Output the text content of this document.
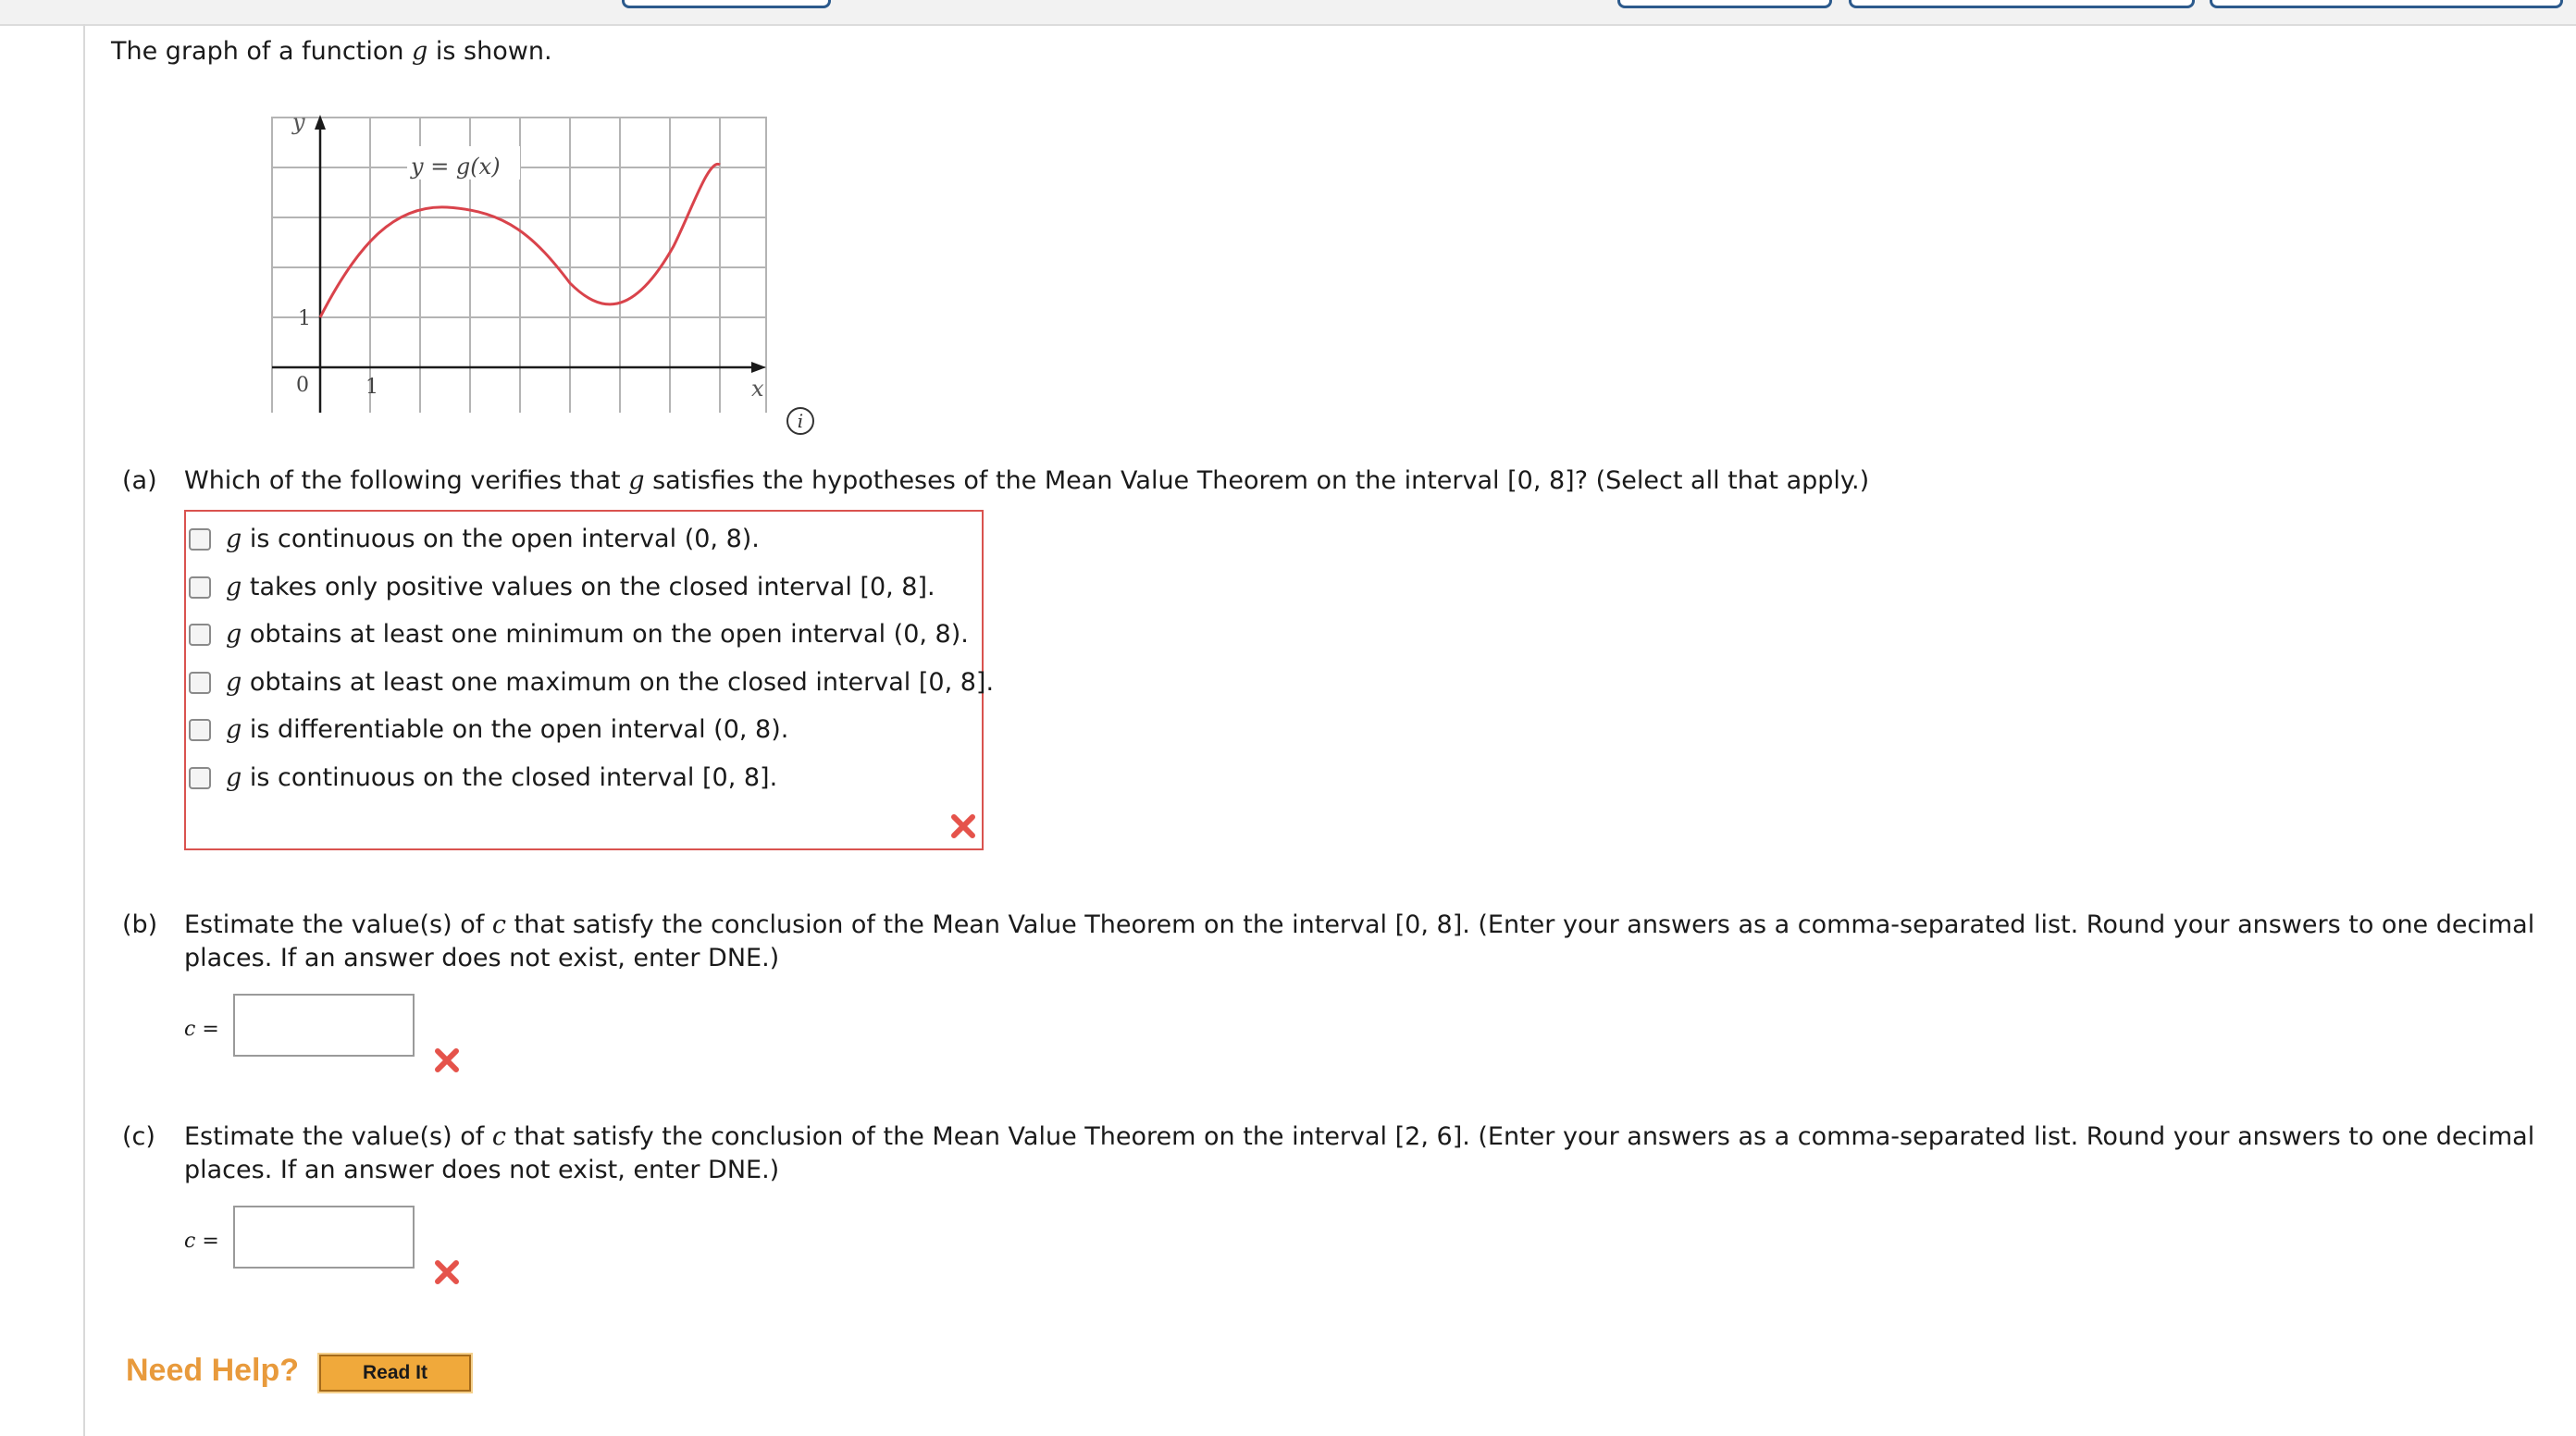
The graph of a function g is shown.
y
x
y = g(x)
1
0	1
i
(a) Which of the following verifies that g satisfies the hypotheses of the Mean Value Theorem on the interval [0, 8]? (Select all that apply.)
g is continuous on the open interval (0, 8).
g takes only positive values on the closed interval [0, 8].
g obtains at least one minimum on the open interval (0, 8).
g obtains at least one maximum on the closed interval [0, 8].
g is differentiable on the open interval (0, 8).
g is continuous on the closed interval [0, 8].
(b) Estimate the value(s) of c that satisfy the conclusion of the Mean Value Theorem on the interval [0, 8]. (Enter your answers as a comma-separated list. Round your answers to one decimal
places. If an answer does not exist, enter DNE.)
c =
(c) Estimate the value(s) of c that satisfy the conclusion of the Mean Value Theorem on the interval [2, 6]. (Enter your answers as a comma-separated list. Round your answers to one decimal
places. If an answer does not exist, enter DNE.)
c =
Need Help?	Read It
